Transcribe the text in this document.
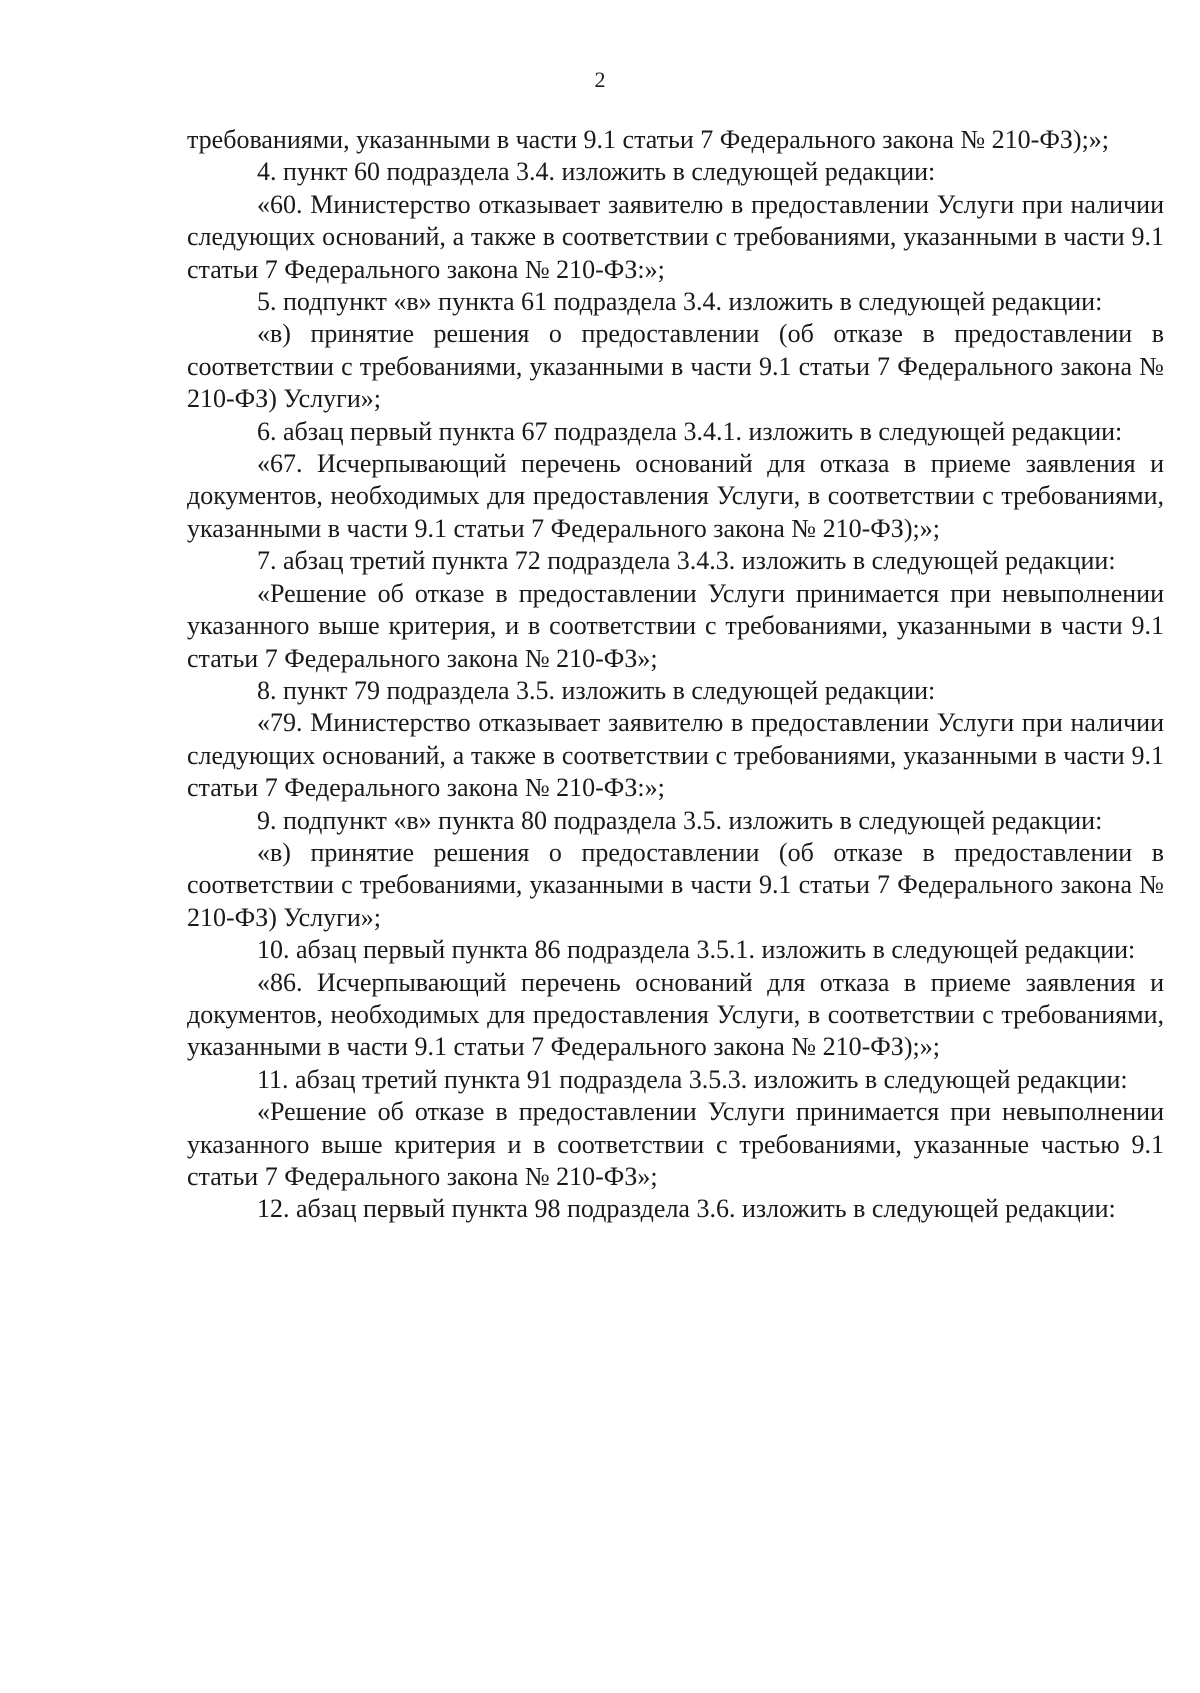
2

требованиями, указанными в части 9.1 статьи 7 Федерального закона № 210-ФЗ);»;

4. пункт 60 подраздела 3.4. изложить в следующей редакции:

«60. Министерство отказывает заявителю в предоставлении Услуги при наличии следующих оснований, а также в соответствии с требованиями, указанными в части 9.1 статьи 7 Федерального закона № 210-ФЗ:»;

5. подпункт «в» пункта 61 подраздела 3.4. изложить в следующей редакции:

«в) принятие решения о предоставлении (об отказе в предоставлении в соответствии с требованиями, указанными в части 9.1 статьи 7 Федерального закона № 210-ФЗ) Услуги»;

6. абзац первый пункта 67 подраздела 3.4.1. изложить в следующей редакции:

«67. Исчерпывающий перечень оснований для отказа в приеме заявления и документов, необходимых для предоставления Услуги, в соответствии с требованиями, указанными в части 9.1 статьи 7 Федерального закона № 210-ФЗ);»;

7. абзац третий пункта 72 подраздела 3.4.3. изложить в следующей редакции:

«Решение об отказе в предоставлении Услуги принимается при невыполнении указанного выше критерия, и в соответствии с требованиями, указанными в части 9.1 статьи 7 Федерального закона № 210-ФЗ»;

8. пункт 79 подраздела 3.5. изложить в следующей редакции:

«79. Министерство отказывает заявителю в предоставлении Услуги при наличии следующих оснований, а также в соответствии с требованиями, указанными в части 9.1 статьи 7 Федерального закона № 210-ФЗ:»;

9. подпункт «в» пункта 80 подраздела 3.5. изложить в следующей редакции:

«в) принятие решения о предоставлении (об отказе в предоставлении в соответствии с требованиями, указанными в части 9.1 статьи 7 Федерального закона № 210-ФЗ) Услуги»;

10. абзац первый пункта 86 подраздела 3.5.1. изложить в следующей редакции:

«86. Исчерпывающий перечень оснований для отказа в приеме заявления и документов, необходимых для предоставления Услуги, в соответствии с требованиями, указанными в части 9.1 статьи 7 Федерального закона № 210-ФЗ);»;

11. абзац третий пункта 91 подраздела 3.5.3. изложить в следующей редакции:

«Решение об отказе в предоставлении Услуги принимается при невыполнении указанного выше критерия и в соответствии с требованиями, указанные частью 9.1 статьи 7 Федерального закона № 210-ФЗ»;

12. абзац первый пункта 98 подраздела 3.6. изложить в следующей редакции:
